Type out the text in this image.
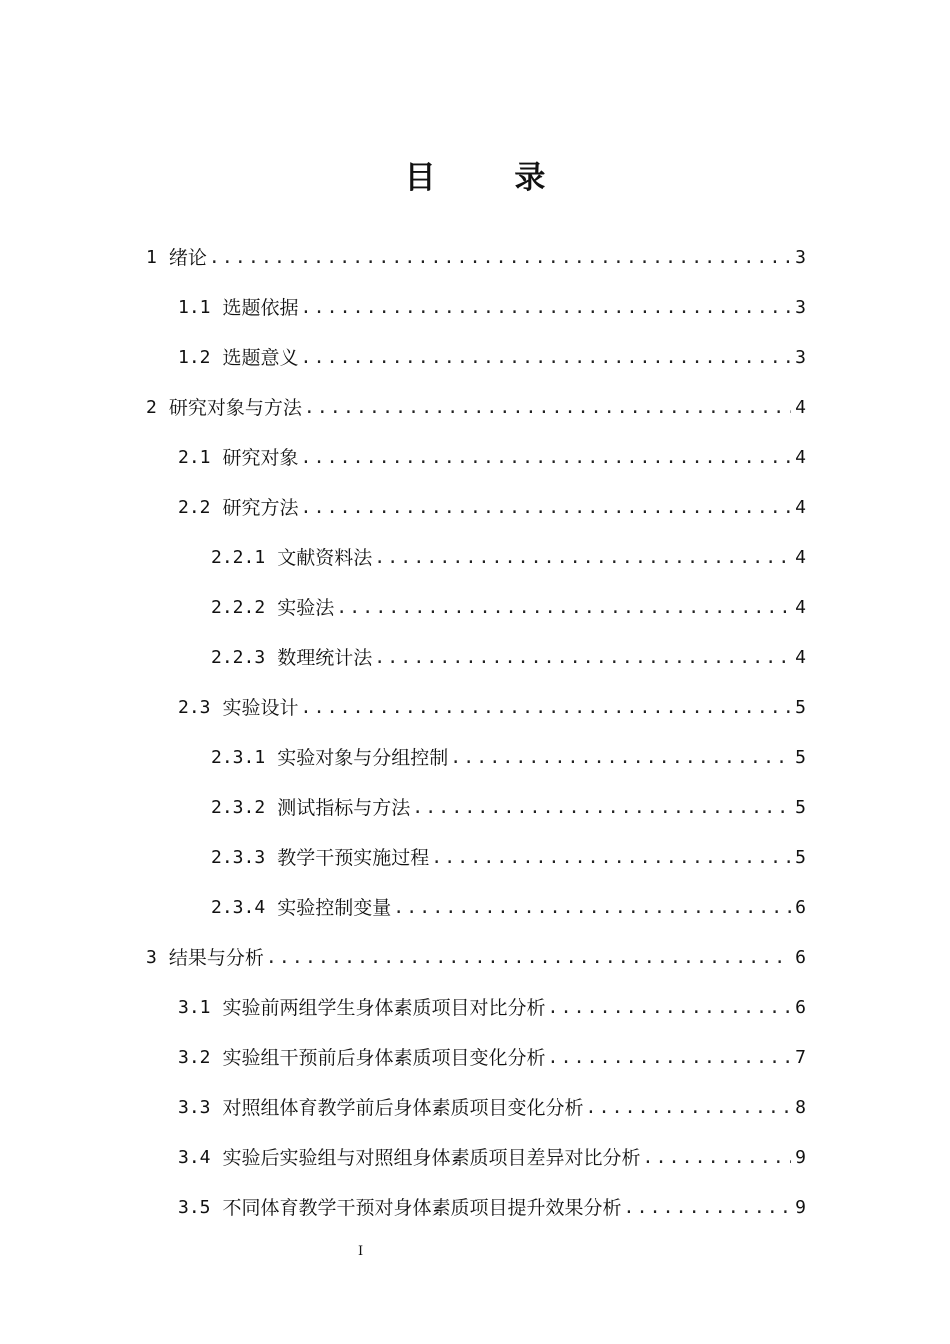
目 录
1 绪论 .....	3
1.1 选题依据 .....	3
1.2 选题意义 .....	3
2 研究对象与方法 .....	4
2.1 研究对象 .....	4
2.2 研究方法 .....	4
2.2.1 文献资料法 .....	4
2.2.2 实验法 .....	4
2.2.3 数理统计法 .....	4
2.3 实验设计 .....	5
2.3.1 实验对象与分组控制 .....	5
2.3.2 测试指标与方法 .....	5
2.3.3 教学干预实施过程 .....	5
2.3.4 实验控制变量 .....	6
3 结果与分析 .....	6
3.1 实验前两组学生身体素质项目对比分析 .....	6
3.2 实验组干预前后身体素质项目变化分析 .....	7
3.3 对照组体育教学前后身体素质项目变化分析 .....	8
3.4 实验后实验组与对照组身体素质项目差异对比分析 .....	9
3.5 不同体育教学干预对身体素质项目提升效果分析 .....	9
I
